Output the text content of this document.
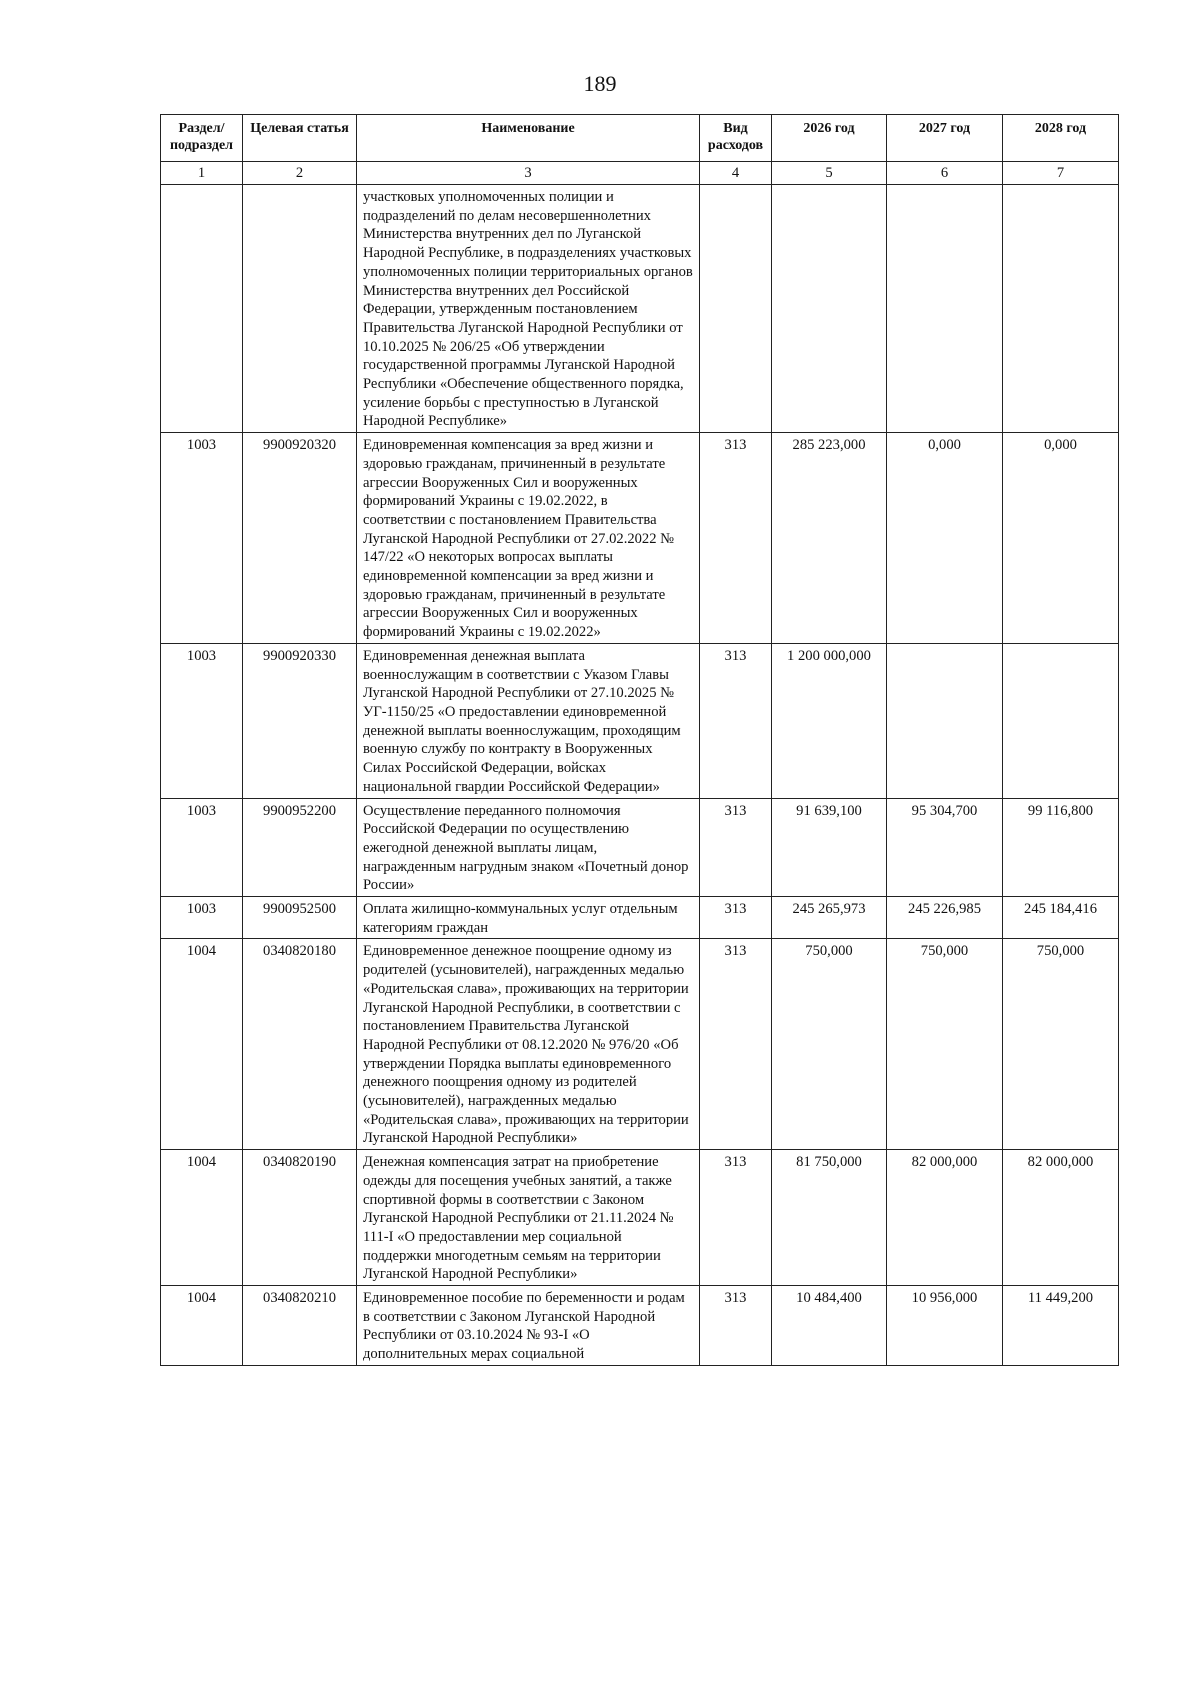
189
Раздел/ подраздел	Целевая статья	Наименование	Вид расходов	2026 год	2027 год	2028 год
1	2	3	4	5	6	7
		участковых уполномоченных полиции и подразделений по делам несовершеннолетних Министерства внутренних дел по Луганской Народной Республике, в подразделениях участковых уполномоченных полиции территориальных органов Министерства внутренних дел Российской Федерации, утвержденным постановлением Правительства Луганской Народной Республики от 10.10.2025 № 206/25 «Об утверждении государственной программы Луганской Народной Республики «Обеспечение общественного порядка, усиление борьбы с преступностью в Луганской Народной Республике»				
1003	9900920320	Единовременная компенсация за вред жизни и здоровью гражданам, причиненный в результате агрессии Вооруженных Сил и вооруженных формирований Украины с 19.02.2022, в соответствии с постановлением Правительства Луганской Народной Республики от 27.02.2022 № 147/22 «О некоторых вопросах выплаты единовременной компенсации за вред жизни и здоровью гражданам, причиненный в результате агрессии Вооруженных Сил и вооруженных формирований Украины с 19.02.2022»	313	285 223,000	0,000	0,000
1003	9900920330	Единовременная денежная выплата военнослужащим в соответствии с Указом Главы Луганской Народной Республики от 27.10.2025 № УГ-1150/25 «О предоставлении единовременной денежной выплаты военнослужащим, проходящим военную службу по контракту в Вооруженных Силах Российской Федерации, войсках национальной гвардии Российской Федерации»	313	1 200 000,000		
1003	9900952200	Осуществление переданного полномочия Российской Федерации по осуществлению ежегодной денежной выплаты лицам, награжденным нагрудным знаком «Почетный донор России»	313	91 639,100	95 304,700	99 116,800
1003	9900952500	Оплата жилищно-коммунальных услуг отдельным категориям граждан	313	245 265,973	245 226,985	245 184,416
1004	0340820180	Единовременное денежное поощрение одному из родителей (усыновителей), награжденных медалью «Родительская слава», проживающих на территории Луганской Народной Республики, в соответствии с постановлением Правительства Луганской Народной Республики от 08.12.2020 № 976/20 «Об утверждении Порядка выплаты единовременного денежного поощрения одному из родителей (усыновителей), награжденных медалью «Родительская слава», проживающих на территории Луганской Народной Республики»	313	750,000	750,000	750,000
1004	0340820190	Денежная компенсация затрат на приобретение одежды для посещения учебных занятий, а также спортивной формы в соответствии с Законом Луганской Народной Республики от 21.11.2024 № 111-I «О предоставлении мер социальной поддержки многодетным семьям на территории Луганской Народной Республики»	313	81 750,000	82 000,000	82 000,000
1004	0340820210	Единовременное пособие по беременности и родам в соответствии с Законом Луганской Народной Республики от 03.10.2024 № 93-I «О дополнительных мерах социальной	313	10 484,400	10 956,000	11 449,200
